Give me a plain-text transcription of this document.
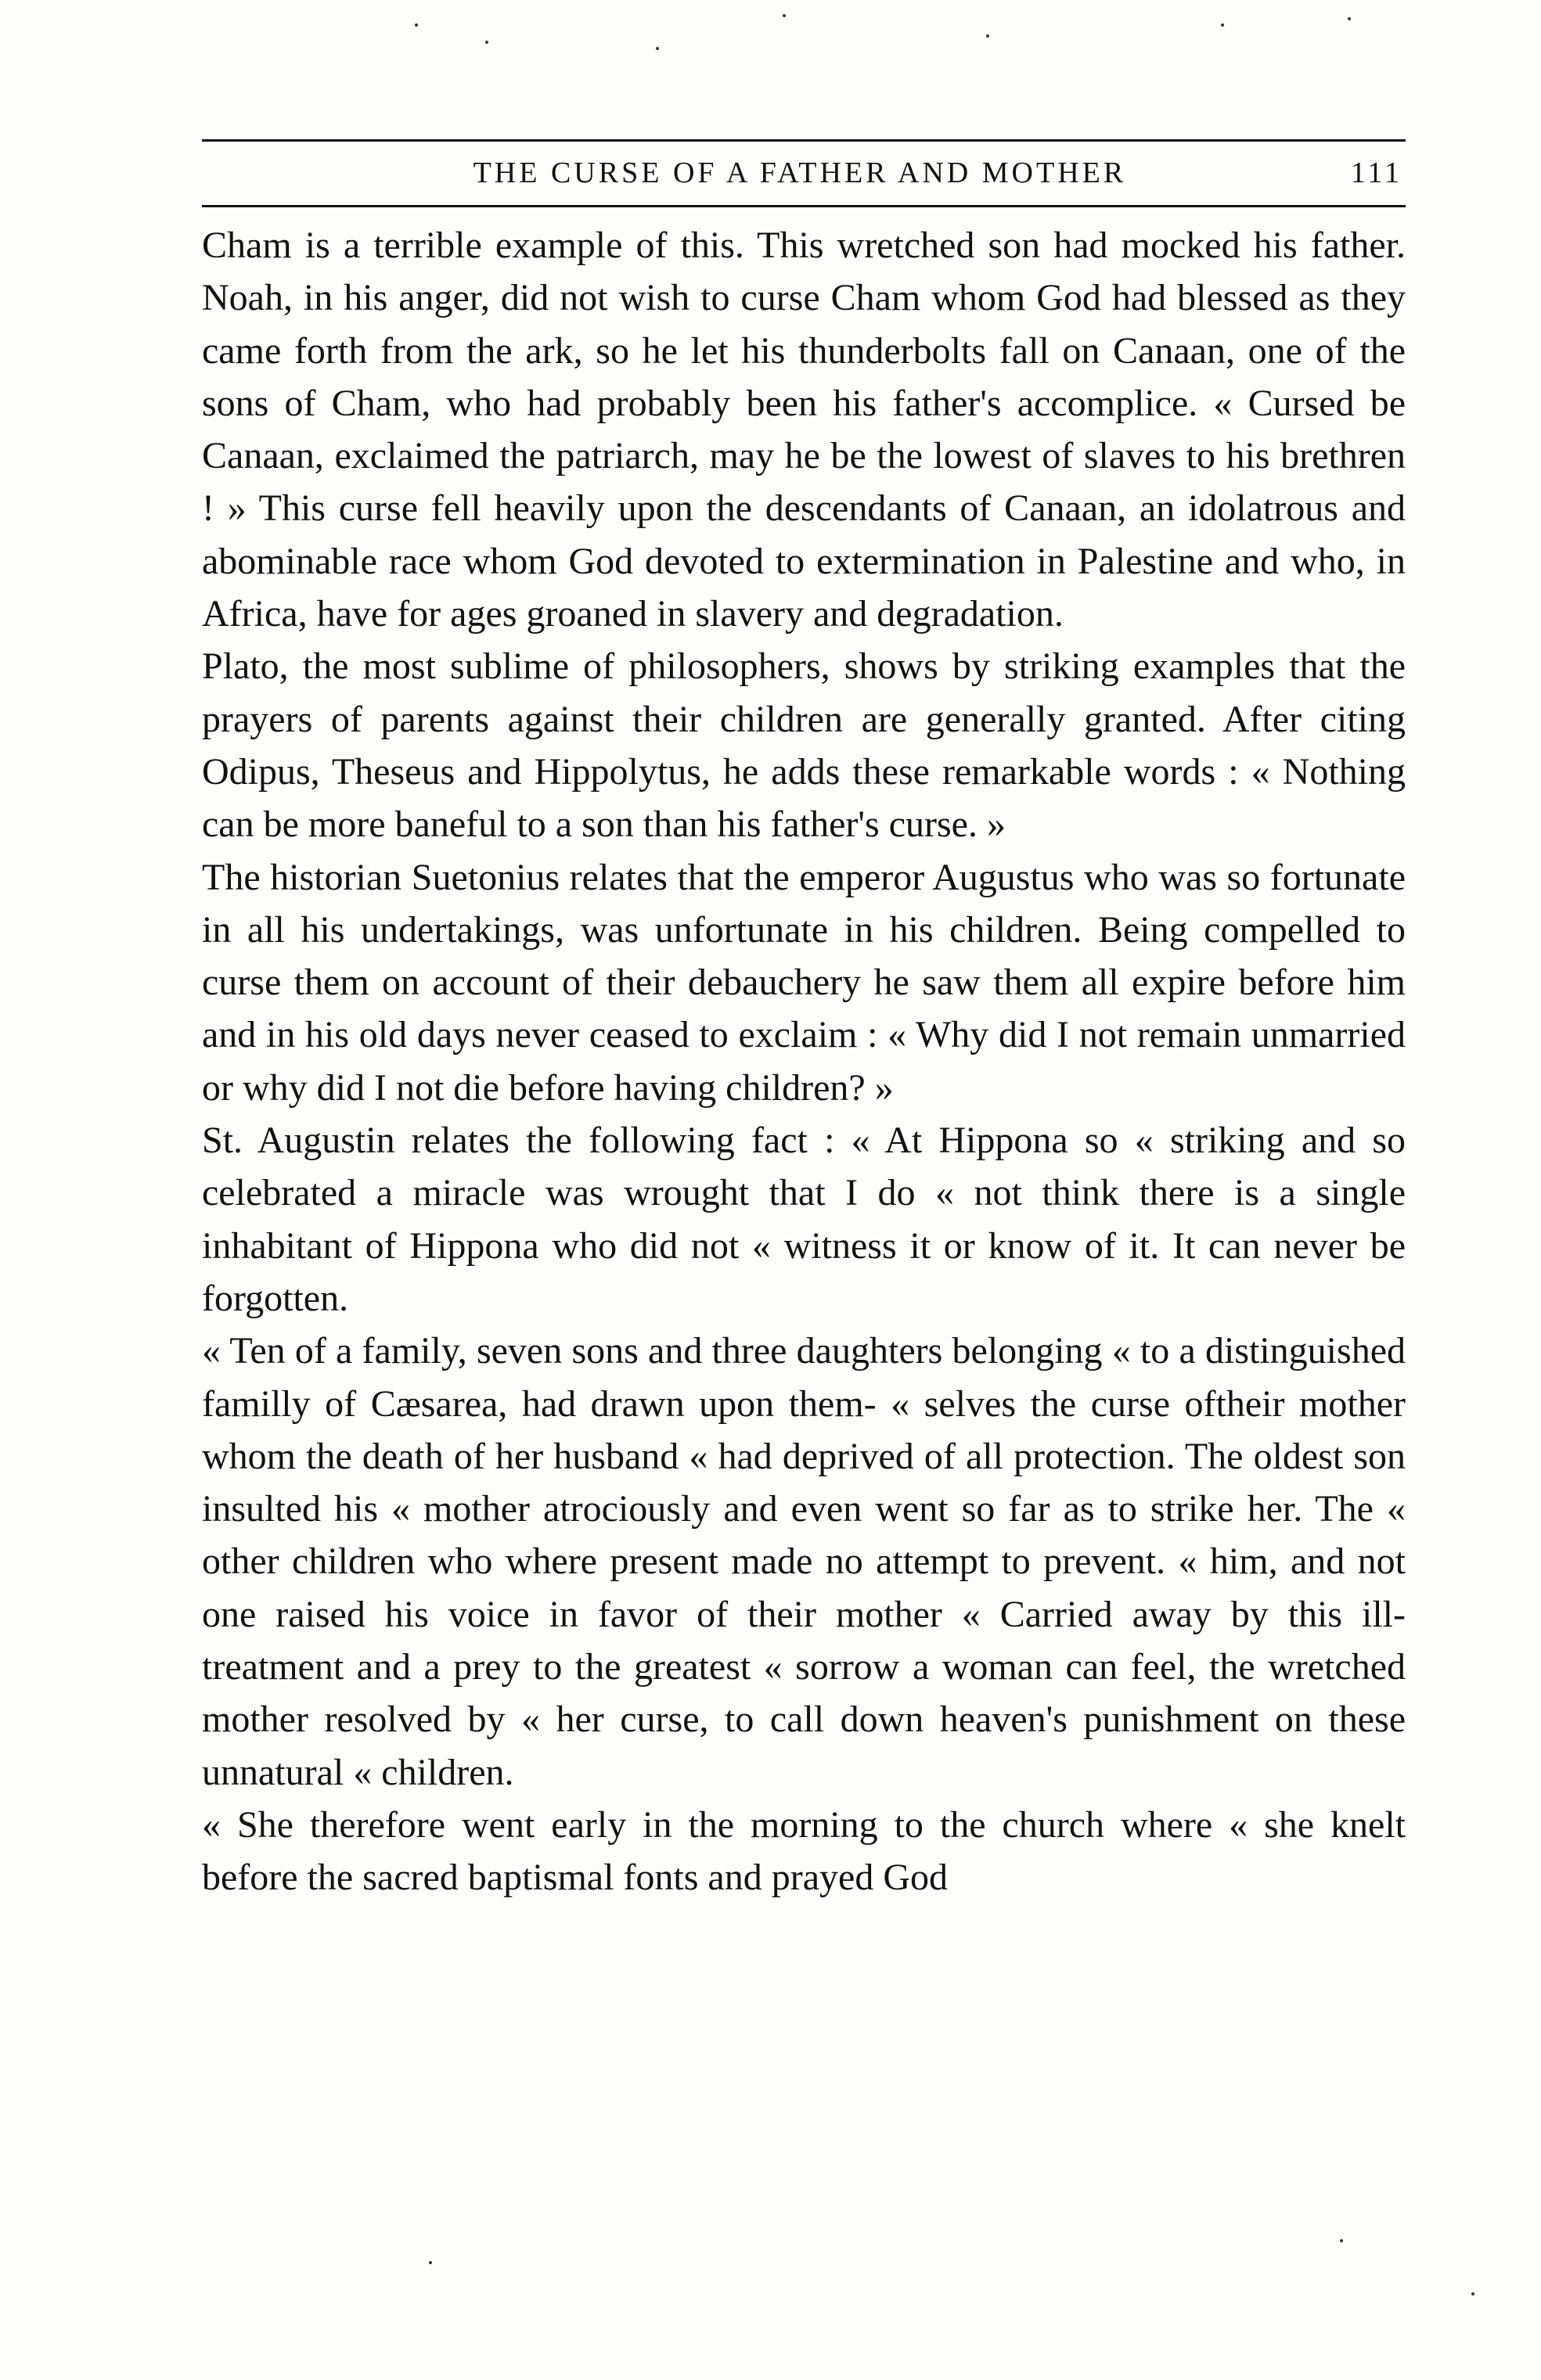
THE CURSE OF A FATHER AND MOTHER	111

Cham is a terrible example of this. This wretched son had mocked his father. Noah, in his anger, did not wish to curse Cham whom God had blessed as they came forth from the ark, so he let his thunderbolts fall on Canaan, one of the sons of Cham, who had probably been his father's accomplice. « Cursed be Canaan, exclaimed the patriarch, may he be the lowest of slaves to his brethren ! » This curse fell heavily upon the descendants of Canaan, an idolatrous and abominable race whom God devoted to extermination in Palestine and who, in Africa, have for ages groaned in slavery and degradation.

Plato, the most sublime of philosophers, shows by striking examples that the prayers of parents against their children are generally granted. After citing Odipus, Theseus and Hippolytus, he adds these remarkable words : « Nothing can be more baneful to a son than his father's curse. »

The historian Suetonius relates that the emperor Augustus who was so fortunate in all his undertakings, was unfortunate in his children. Being compelled to curse them on account of their debauchery he saw them all expire before him and in his old days never ceased to exclaim : « Why did I not remain unmarried or why did I not die before having children? »

St. Augustin relates the following fact : « At Hippona so « striking and so celebrated a miracle was wrought that I do « not think there is a single inhabitant of Hippona who did not « witness it or know of it. It can never be forgotten.

« Ten of a family, seven sons and three daughters belonging « to a distinguished familly of Cæsarea, had drawn upon them- « selves the curse oftheir mother whom the death of her husband « had deprived of all protection. The oldest son insulted his « mother atrociously and even went so far as to strike her. The « other children who where present made no attempt to prevent. « him, and not one raised his voice in favor of their mother « Carried away by this ill-treatment and a prey to the greatest « sorrow a woman can feel, the wretched mother resolved by « her curse, to call down heaven's punishment on these unnatural « children.

« She therefore went early in the morning to the church where « she knelt before the sacred baptismal fonts and prayed God
